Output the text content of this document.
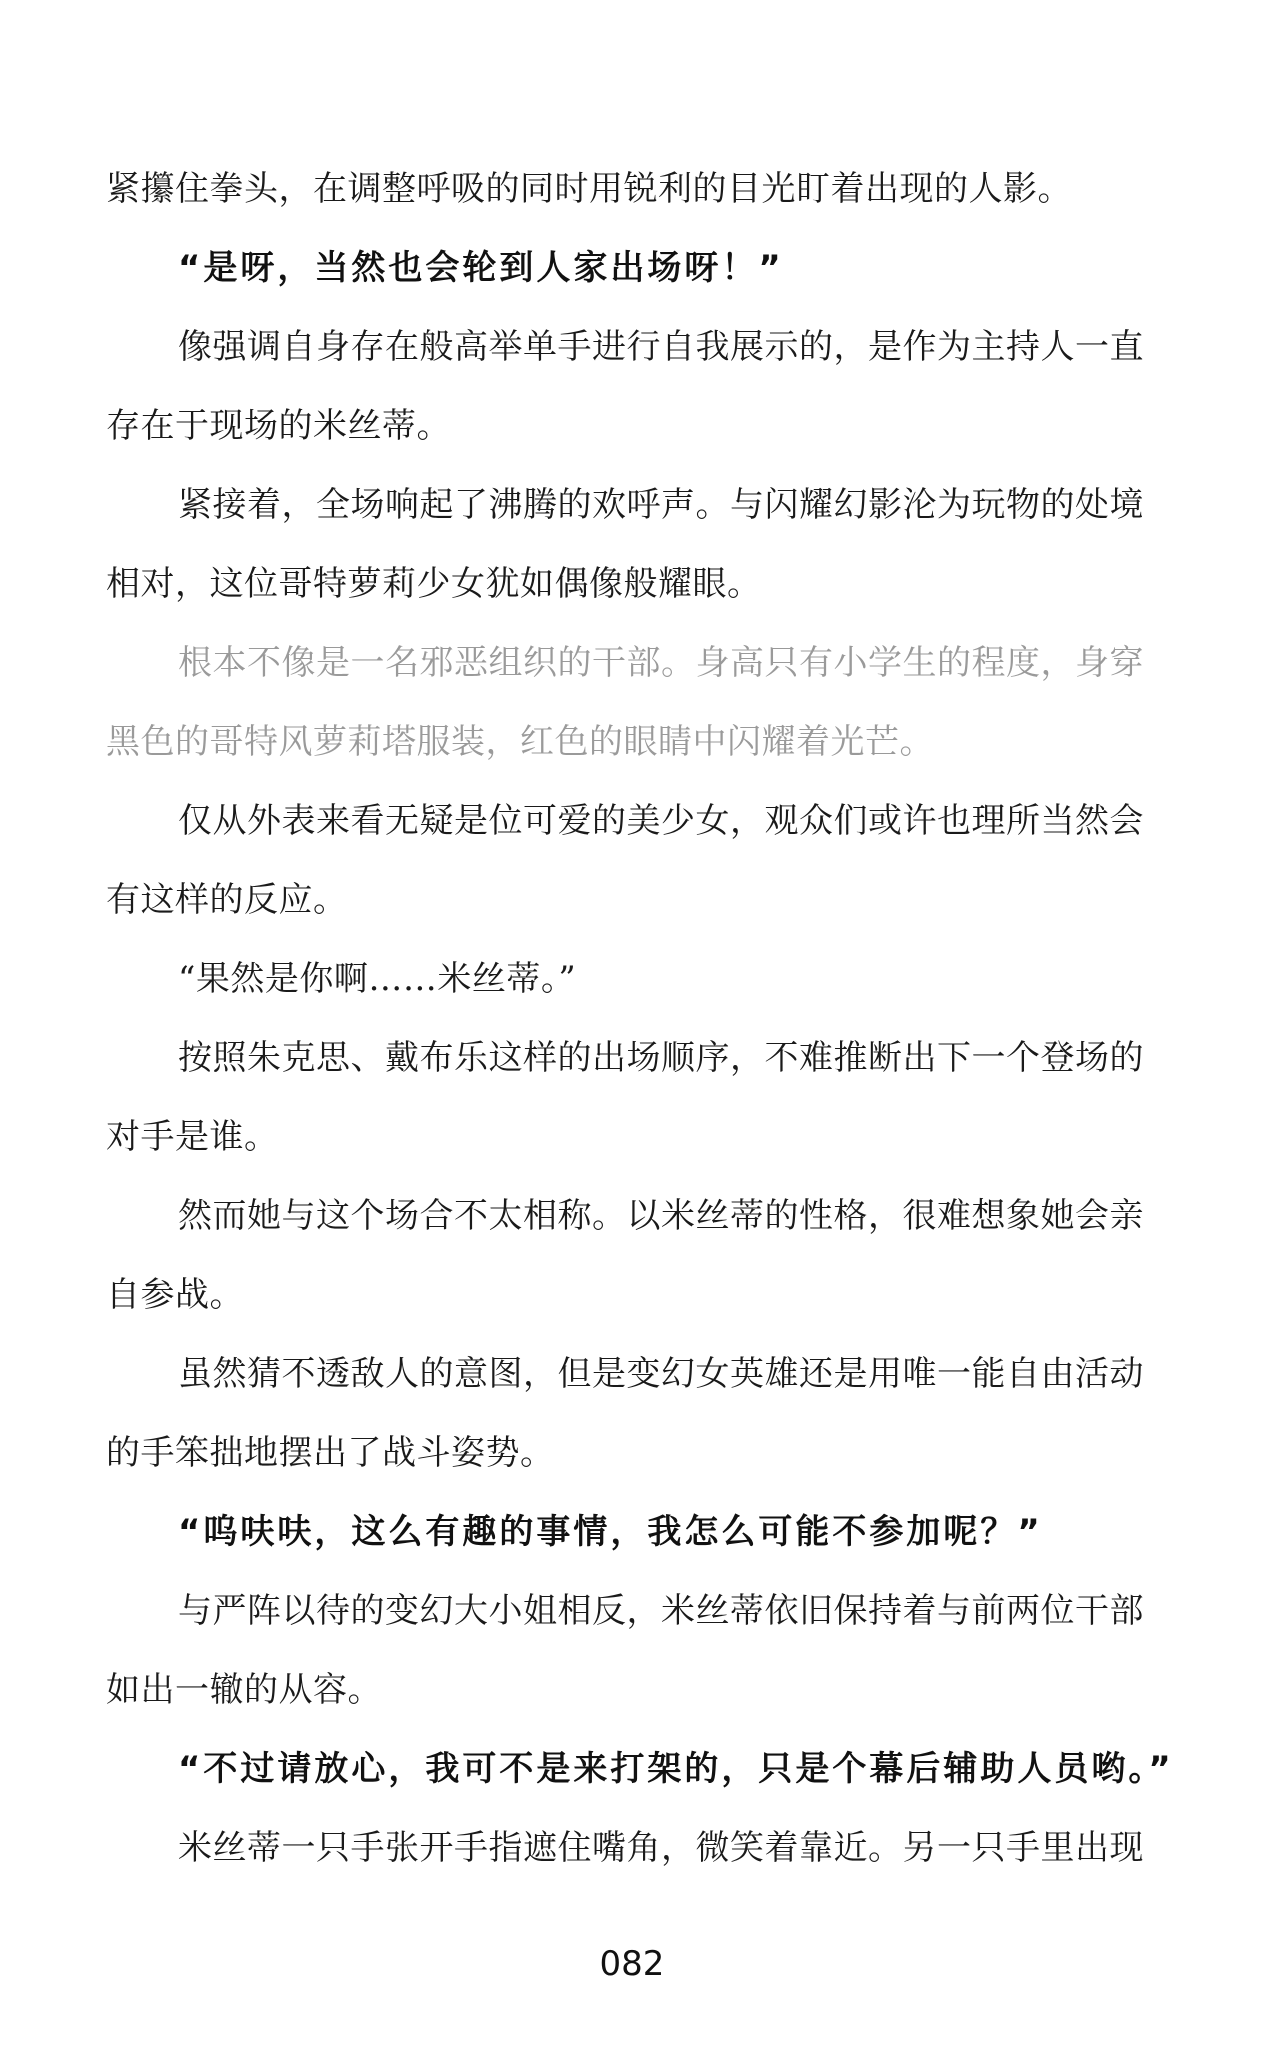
紧攥住拳头，在调整呼吸的同时用锐利的目光盯着出现的人影。
“是呀，当然也会轮到人家出场呀！”
像强调自身存在般高举单手进行自我展示的，是作为主持人一直
存在于现场的米丝蒂。
紧接着，全场响起了沸腾的欢呼声。与闪耀幻影沦为玩物的处境
相对，这位哥特萝莉少女犹如偶像般耀眼。
根本不像是一名邪恶组织的干部。身高只有小学生的程度，身穿
黑色的哥特风萝莉塔服装，红色的眼睛中闪耀着光芒。
仅从外表来看无疑是位可爱的美少女，观众们或许也理所当然会
有这样的反应。
“果然是你啊……米丝蒂。”
按照朱克思、戴布乐这样的出场顺序，不难推断出下一个登场的
对手是谁。
然而她与这个场合不太相称。以米丝蒂的性格，很难想象她会亲
自参战。
虽然猜不透敌人的意图，但是变幻女英雄还是用唯一能自由活动
的手笨拙地摆出了战斗姿势。
“呜呋呋，这么有趣的事情，我怎么可能不参加呢？”
与严阵以待的变幻大小姐相反，米丝蒂依旧保持着与前两位干部
如出一辙的从容。
“不过请放心，我可不是来打架的，只是个幕后辅助人员哟。”
米丝蒂一只手张开手指遮住嘴角，微笑着靠近。另一只手里出现
082
